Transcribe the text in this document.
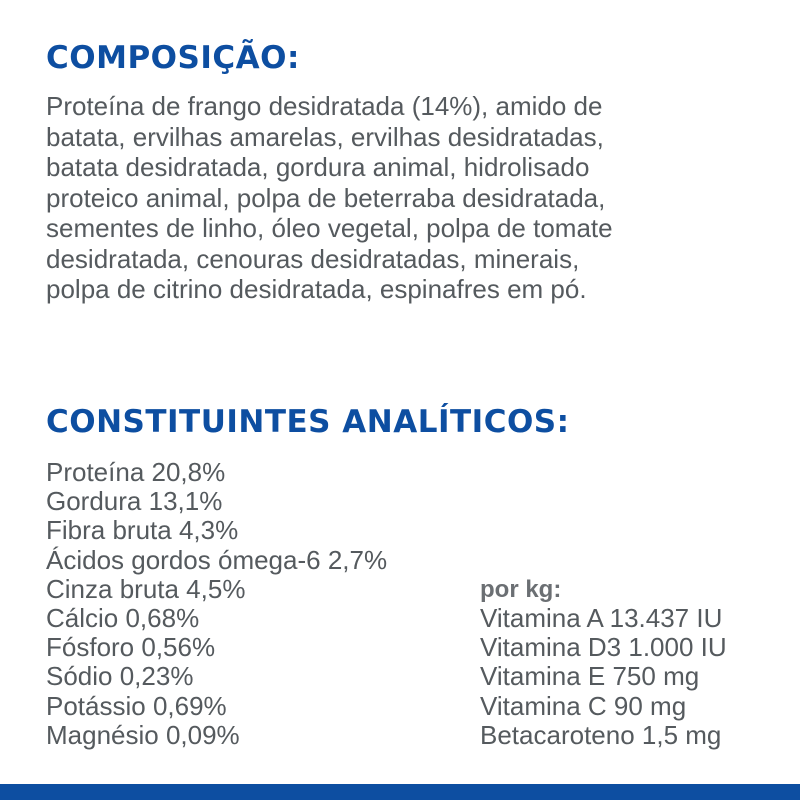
COMPOSIÇÃO:

Proteína de frango desidratada (14%), amido de
batata, ervilhas amarelas, ervilhas desidratadas,
batata desidratada, gordura animal, hidrolisado
proteico animal, polpa de beterraba desidratada,
sementes de linho, óleo vegetal, polpa de tomate
desidratada, cenouras desidratadas, minerais,
polpa de citrino desidratada, espinafres em pó.

CONSTITUINTES ANALÍTICOS:
Proteína 20,8%
Gordura 13,1%
Fibra bruta 4,3%
Ácidos gordos ómega-6 2,7%
Cinza bruta 4,5%
Cálcio 0,68%
Fósforo 0,56%
Sódio 0,23%
Potássio 0,69%
Magnésio 0,09%
por kg:
Vitamina A 13.437 IU
Vitamina D3 1.000 IU
Vitamina E 750 mg
Vitamina C 90 mg
Betacaroteno 1,5 mg
